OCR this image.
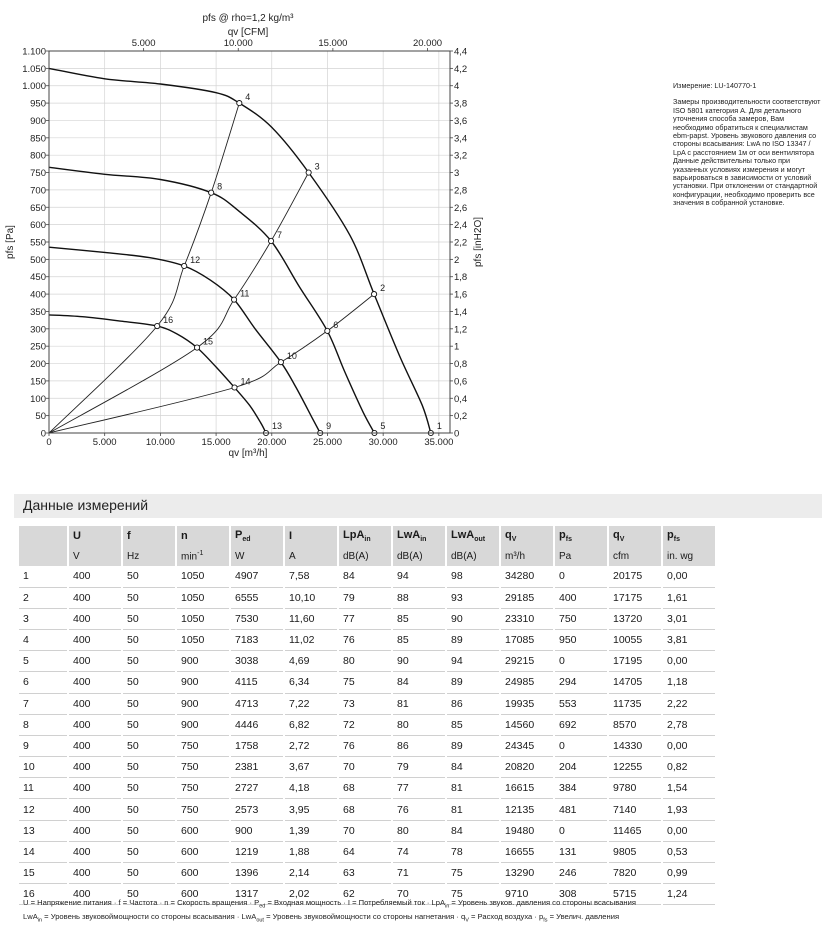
1
2
3
4
5
6
7
8
9
10
11
12
13
14
15
16
0
50
100
150
200
250
300
350
400
450
500
550
600
650
700
750
800
850
900
950
1.000
1.050
1.100
0
0,2
0,4
0,6
0,8
1
1,2
1,4
1,6
1,8
2
2,2
2,4
2,6
2,8
3
3,2
3,4
3,6
3,8
4
4,2
4,4
0	5.000	10.000	15.000	20.000	25.000	30.000	35.000
5.000	10.000	15.000	20.000
pfs @ rho=1,2 kg/m³
qv [CFM]
qv [m³/h]
pfs [Pa]	pfs [inH2O]
Измерение: LU-140770-1
Замеры производительности соответствуют ISO 5801 категория A. Для детального уточнения способа замеров, Вам необходимо обратиться к специалистам ebm-papst. Уровень звукового давления со стороны всасывания: LwA по ISO 13347 / LpA с расстоянием 1м от оси вентилятора Данные действительны только при указанных условиях измерения и могут варьироваться в зависимости от условий установки. При отклонении от стандартной конфигурации, необходимо проверить все значения в собранной установке.
Данные измерений
	U	f	n	$P_{ed}$	I	LpA$_{in}$	LwA$_{in}$	LwA$_{out}$	$q_V$	$p_{fs}$	$q_V$	$p_{fs}$
	V	Hz	$\min^{-1}$	W	A	dB(A)	dB(A)	dB(A)	m³/h	Pa	cfm	in. wg
1	400	50	1050	4907	7,58	84	94	98	34280	0	20175	0,00
2	400	50	1050	6555	10,10	79	88	93	29185	400	17175	1,61
3	400	50	1050	7530	11,60	77	85	90	23310	750	13720	3,01
4	400	50	1050	7183	11,02	76	85	89	17085	950	10055	3,81
5	400	50	900	3038	4,69	80	90	94	29215	0	17195	0,00
6	400	50	900	4115	6,34	75	84	89	24985	294	14705	1,18
7	400	50	900	4713	7,22	73	81	86	19935	553	11735	2,22
8	400	50	900	4446	6,82	72	80	85	14560	692	8570	2,78
9	400	50	750	1758	2,72	76	86	89	24345	0	14330	0,00
10	400	50	750	2381	3,67	70	79	84	20820	204	12255	0,82
11	400	50	750	2727	4,18	68	77	81	16615	384	9780	1,54
12	400	50	750	2573	3,95	68	76	81	12135	481	7140	1,93
13	400	50	600	900	1,39	70	80	84	19480	0	11465	0,00
14	400	50	600	1219	1,88	64	74	78	16655	131	9805	0,53
15	400	50	600	1396	2,14	63	71	75	13290	246	7820	0,99
16	400	50	600	1317	2,02	62	70	75	9710	308	5715	1,24
U = Напряжение питания · f = Частота · n = Скорость вращения · $P_{ed}$ = Входная мощность · I = Потребляемый ток · LpA$_{in}$ = Уровень звуков. давления со стороны всасывания
LwA$_{in}$ = Уровень звуковоймощности со стороны всасывания · LwA$_{out}$ = Уровень звуковоймощности со стороны нагнетания · $q_V$ = Расход воздуха · $p_{fs}$ = Увелич. давления
